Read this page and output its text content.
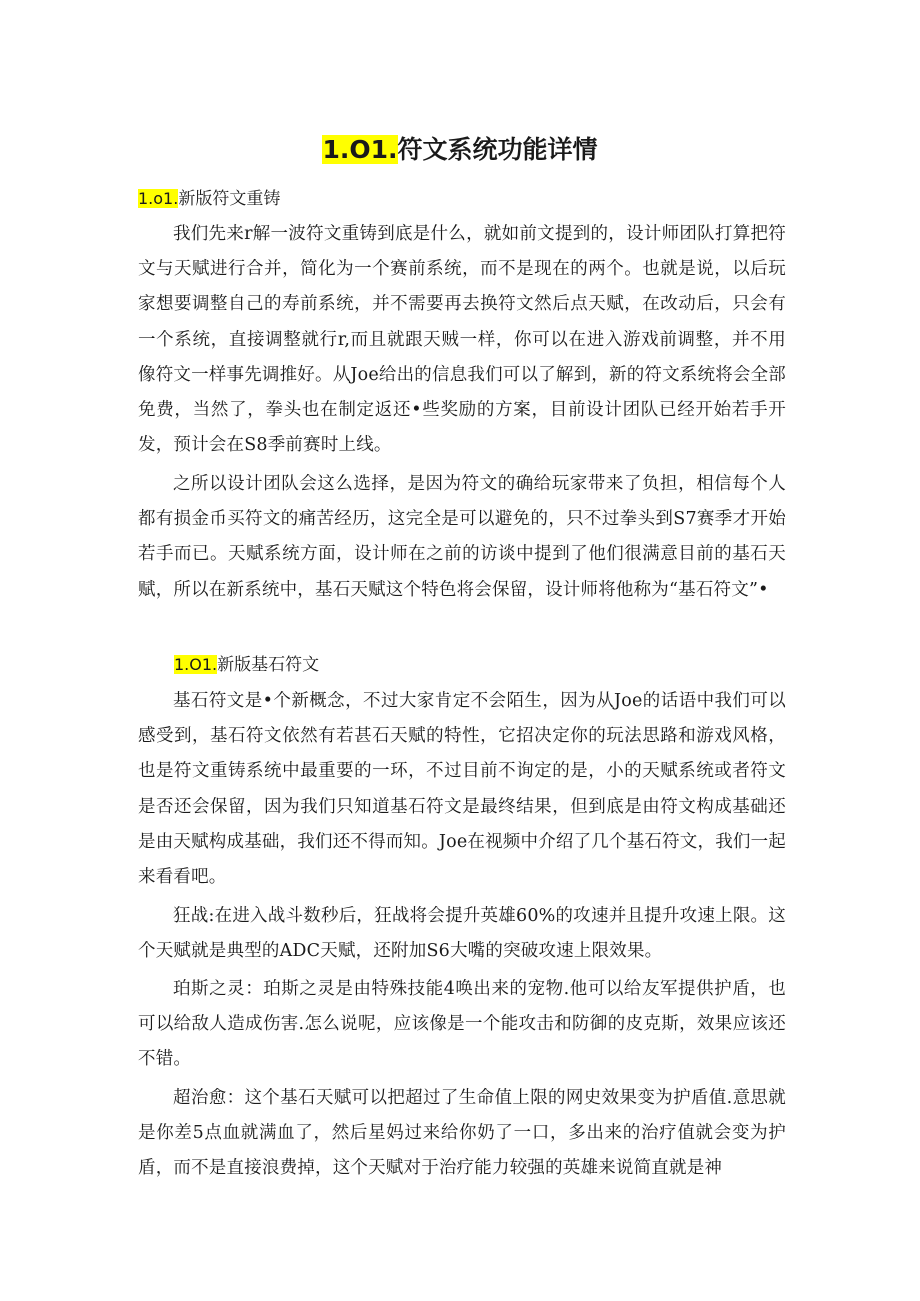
1.O1.符文系统功能详情
1.o1.新版符文重铸

我们先来r解一波符文重铸到底是什么，就如前文提到的，设计师团队打算把符文与天赋进行合并，简化为一个赛前系统，而不是现在的两个。也就是说，以后玩家想要调整自己的寿前系统，并不需要再去换符文然后点天赋，在改动后，只会有一个系统，直接调整就行r,而且就跟天贼一样，你可以在进入游戏前调整，并不用像符文一样事先调推好。从Joe给出的信息我们可以了解到，新的符文系统将会全部免费，当然了，拳头也在制定返还•些奖励的方案，目前设计团队已经开始若手开发，预计会在S8季前赛时上线。

之所以设计团队会这么选择，是因为符文的确给玩家带来了负担，相信每个人都有损金币买符文的痛苦经历，这完全是可以避免的，只不过拳头到S7赛季才开始若手而已。天赋系统方面，设计师在之前的访谈中提到了他们很满意目前的基石天赋，所以在新系统中，基石天赋这个特色将会保留，设计师将他称为“基石符文”•

1.O1.新版基石符文

基石符文是•个新概念，不过大家肯定不会陌生，因为从Joe的话语中我们可以感受到，基石符文依然有若甚石天赋的特性，它招决定你的玩法思路和游戏风格，也是符文重铸系统中最重要的一环，不过目前不询定的是，小的天赋系统或者符文是否还会保留，因为我们只知道基石符文是最终结果，但到底是由符文构成基础还是由天赋构成基础，我们还不得而知。Joe在视频中介绍了几个基石符文，我们一起来看看吧。

狂战:在进入战斗数秒后，狂战将会提升英雄60%的攻速并且提升攻速上限。这个天赋就是典型的ADC天赋，还附加S6大嘴的突破攻速上限效果。

珀斯之灵：珀斯之灵是由特殊技能4唤出来的宠物.他可以给友军提供护盾，也可以给敌人造成伤害.怎么说呢，应该像是一个能攻击和防御的皮克斯，效果应该还不错。

超治愈：这个基石天赋可以把超过了生命值上限的网史效果变为护盾值.意思就是你差5点血就满血了，然后星妈过来给你奶了一口，多出来的治疗值就会变为护盾，而不是直接浪费掉，这个天赋对于治疗能力较强的英雄来说简直就是神
